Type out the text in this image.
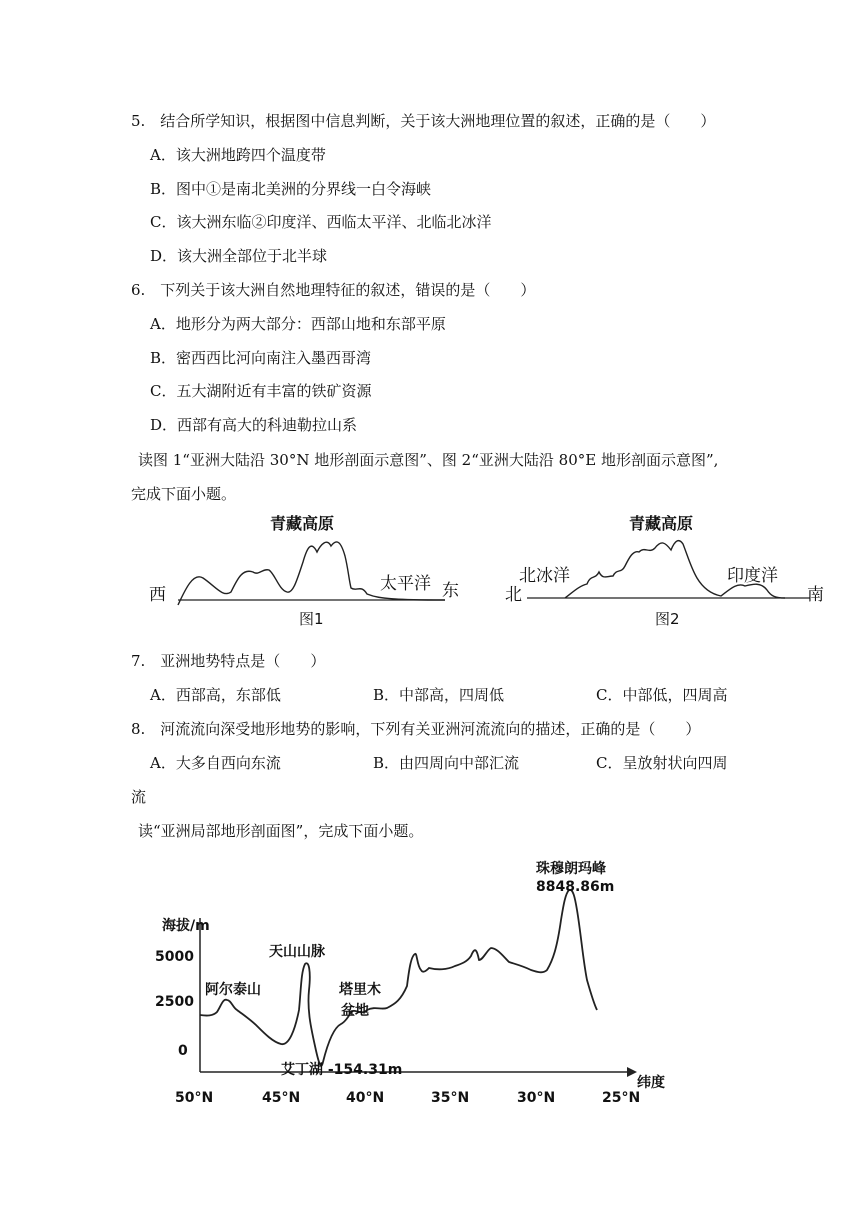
5.　结合所学知识，根据图中信息判断，关于该大洲地理位置的叙述，正确的是（　　）
A．该大洲地跨四个温度带
B．图中①是南北美洲的分界线一白令海峡
C．该大洲东临②印度洋、西临太平洋、北临北冰洋
D．该大洲全部位于北半球
6.　下列关于该大洲自然地理特征的叙述，错误的是（　　）
A．地形分为两大部分：西部山地和东部平原
B．密西西比河向南注入墨西哥湾
C．五大湖附近有丰富的铁矿资源
D．西部有高大的科迪勒拉山系
读图 1“亚洲大陆沿 30°N 地形剖面示意图”、图 2“亚洲大陆沿 80°E 地形剖面示意图”,
完成下面小题。
青藏高原
西
太平洋 东
图1
青藏高原
北冰洋
北
印度洋
南
图2
7.　亚洲地势特点是（　　）
A．西部高，东部低	B．中部高，四周低	C．中部低，四周高
8.　河流流向深受地形地势的影响，下列有关亚洲河流流向的描述，正确的是（　　）
A．大多自西向东流	B．由四周向中部汇流	C．呈放射状向四周
流
读“亚洲局部地形剖面图”，完成下面小题。
海拔/m
纬度
5000
2500
0
50°N	45°N	40°N	35°N	30°N	25°N
阿尔泰山
天山山脉
塔里木
盆地
艾丁湖 -154.31m
珠穆朗玛峰
8848.86m
